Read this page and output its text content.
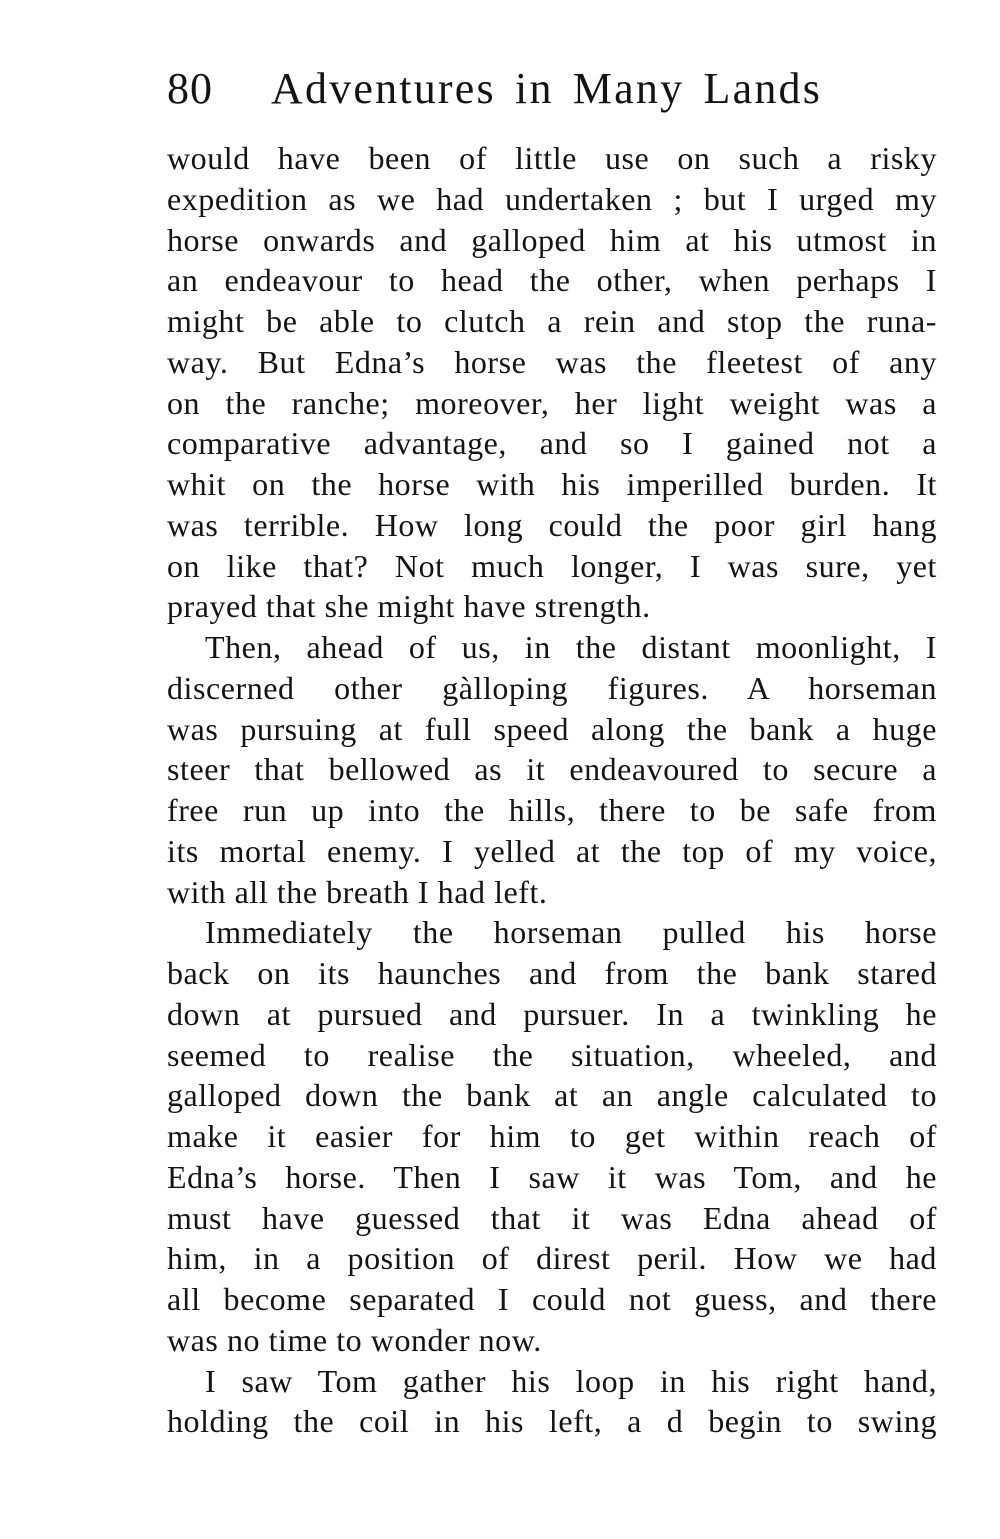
80 Adventures in Many Lands
would have been of little use on such a risky
expedition as we had undertaken ; but I urged my
horse onwards and galloped him at his utmost in
an endeavour to head the other, when perhaps I
might be able to clutch a rein and stop the runa-
way. But Edna’s horse was the fleetest of any
on the ranche; moreover, her light weight was a
comparative advantage, and so I gained not a
whit on the horse with his imperilled burden. It
was terrible. How long could the poor girl hang
on like that? Not much longer, I was sure, yet
prayed that she might have strength.
Then, ahead of us, in the distant moonlight, I
discerned other gàlloping figures. A horseman
was pursuing at full speed along the bank a huge
steer that bellowed as it endeavoured to secure a
free run up into the hills, there to be safe from
its mortal enemy. I yelled at the top of my voice,
with all the breath I had left.
Immediately the horseman pulled his horse
back on its haunches and from the bank stared
down at pursued and pursuer. In a twinkling he
seemed to realise the situation, wheeled, and
galloped down the bank at an angle calculated to
make it easier for him to get within reach of
Edna’s horse. Then I saw it was Tom, and he
must have guessed that it was Edna ahead of
him, in a position of direst peril. How we had
all become separated I could not guess, and there
was no time to wonder now.
I saw Tom gather his loop in his right hand,
holding the coil in his left, a d begin to swing
